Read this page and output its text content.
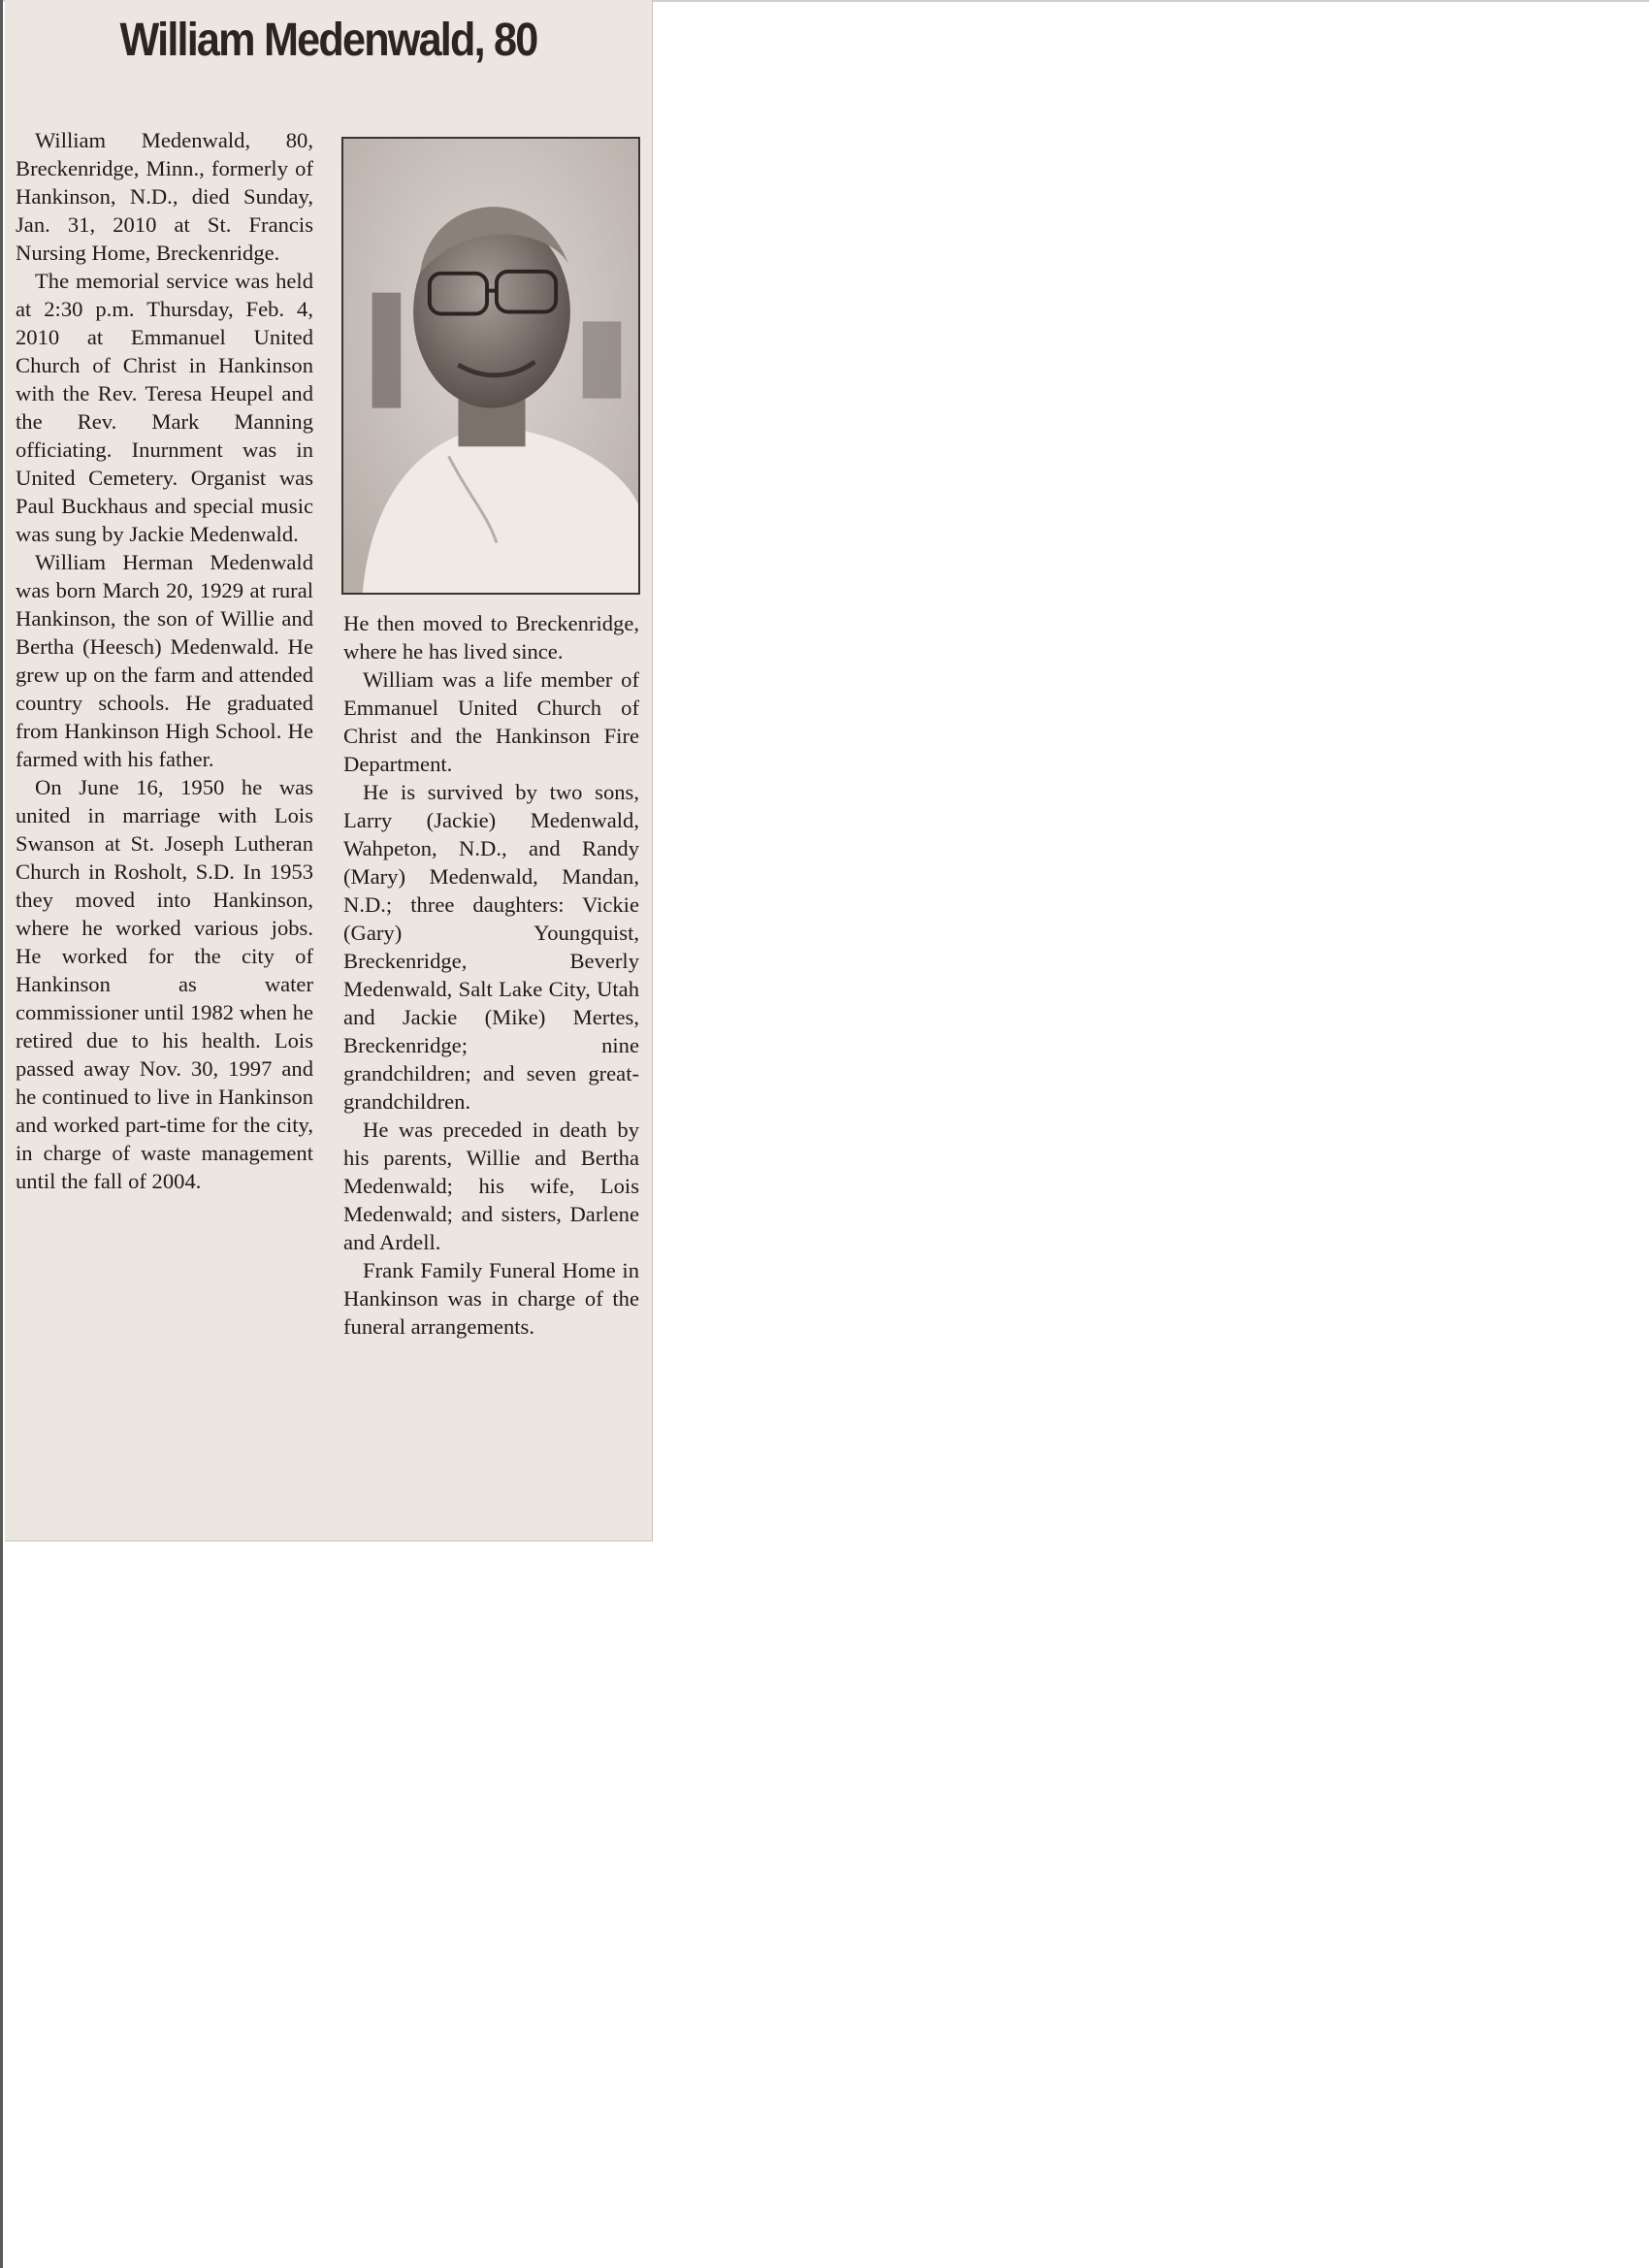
William Medenwald, 80

William Medenwald, 80, Breckenridge, Minn., formerly of Hankinson, N.D., died Sunday, Jan. 31, 2010 at St. Francis Nursing Home, Breckenridge.

The memorial service was held at 2:30 p.m. Thursday, Feb. 4, 2010 at Emmanuel United Church of Christ in Hankinson with the Rev. Teresa Heupel and the Rev. Mark Manning officiating. Inurnment was in United Cemetery. Organist was Paul Buckhaus and special music was sung by Jackie Medenwald.

William Herman Medenwald was born March 20, 1929 at rural Hankinson, the son of Willie and Bertha (Heesch) Medenwald. He grew up on the farm and attended country schools. He graduated from Hankinson High School. He farmed with his father.

On June 16, 1950 he was united in marriage with Lois Swanson at St. Joseph Lutheran Church in Rosholt, S.D. In 1953 they moved into Hankinson, where he worked various jobs. He worked for the city of Hankinson as water commissioner until 1982 when he retired due to his health. Lois passed away Nov. 30, 1997 and he continued to live in Hankinson and worked part-time for the city, in charge of waste management until the fall of 2004.

He then moved to Breckenridge, where he has lived since.

William was a life member of Emmanuel United Church of Christ and the Hankinson Fire Department.

He is survived by two sons, Larry (Jackie) Medenwald, Wahpeton, N.D., and Randy (Mary) Medenwald, Mandan, N.D.; three daughters: Vickie (Gary) Youngquist, Breckenridge, Beverly Medenwald, Salt Lake City, Utah and Jackie (Mike) Mertes, Breckenridge; nine grandchildren; and seven great-grandchildren.

He was preceded in death by his parents, Willie and Bertha Medenwald; his wife, Lois Medenwald; and sisters, Darlene and Ardell.

Frank Family Funeral Home in Hankinson was in charge of the funeral arrangements.
